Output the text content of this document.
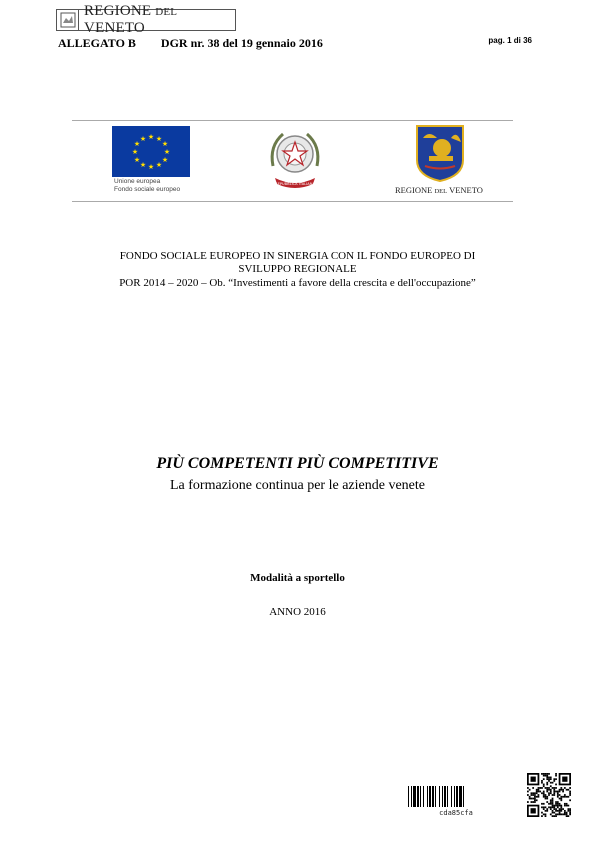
REGIONE DEL VENETO
ALLEGATO B DGR nr. 38 del 19 gennaio 2016	pag. 1 di 36
★ ★
★
★
★
★
★
★
★
★
★
★
Unione europea
Fondo sociale europeo
REPUBBLICA ITALIANA
REGIONE DEL VENETO
FONDO SOCIALE EUROPEO IN SINERGIA CON IL FONDO EUROPEO DI
SVILUPPO REGIONALE
POR 2014 – 2020 – Ob. “Investimenti a favore della crescita e dell'occupazione”
PIÙ COMPETENTI PIÙ COMPETITIVE
La formazione continua per le aziende venete
Modalità a sportello
ANNO 2016
cda85cfa
